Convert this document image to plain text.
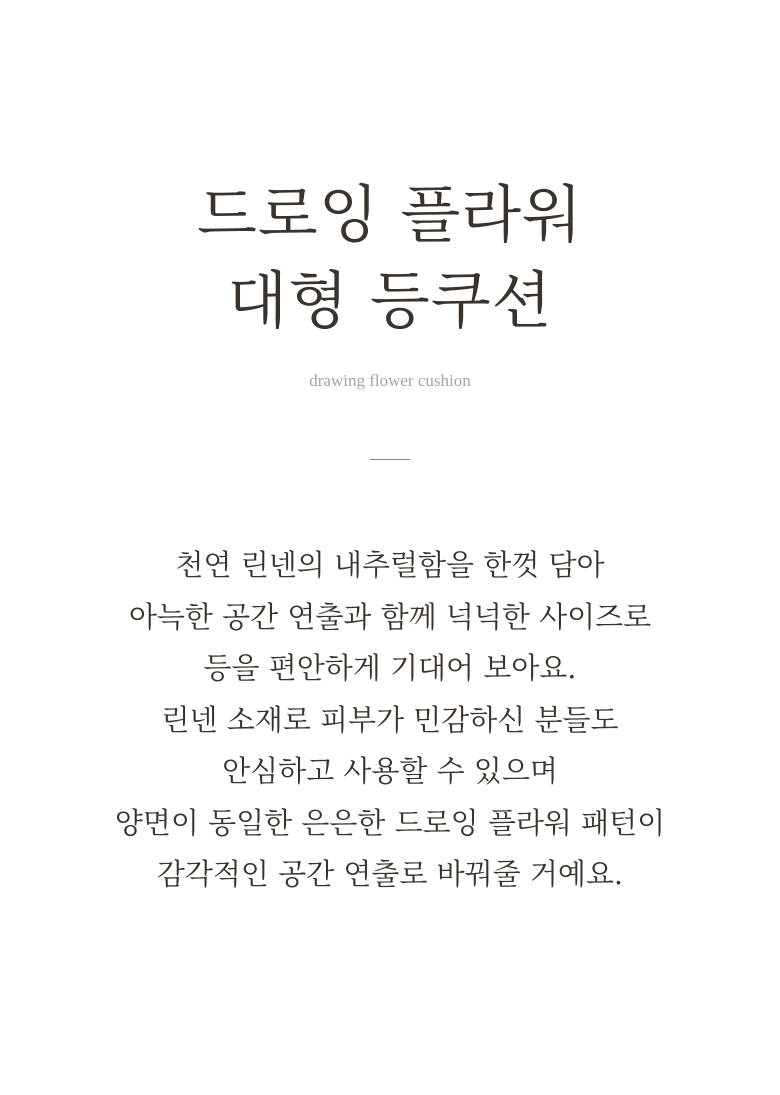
드로잉 플라워
대형 등쿠션
drawing flower cushion
천연 린넨의 내추럴함을 한껏 담아
아늑한 공간 연출과 함께 넉넉한 사이즈로
등을 편안하게 기대어 보아요.
린넨 소재로 피부가 민감하신 분들도
안심하고 사용할 수 있으며
양면이 동일한 은은한 드로잉 플라워 패턴이
감각적인 공간 연출로 바꿔줄 거예요.
